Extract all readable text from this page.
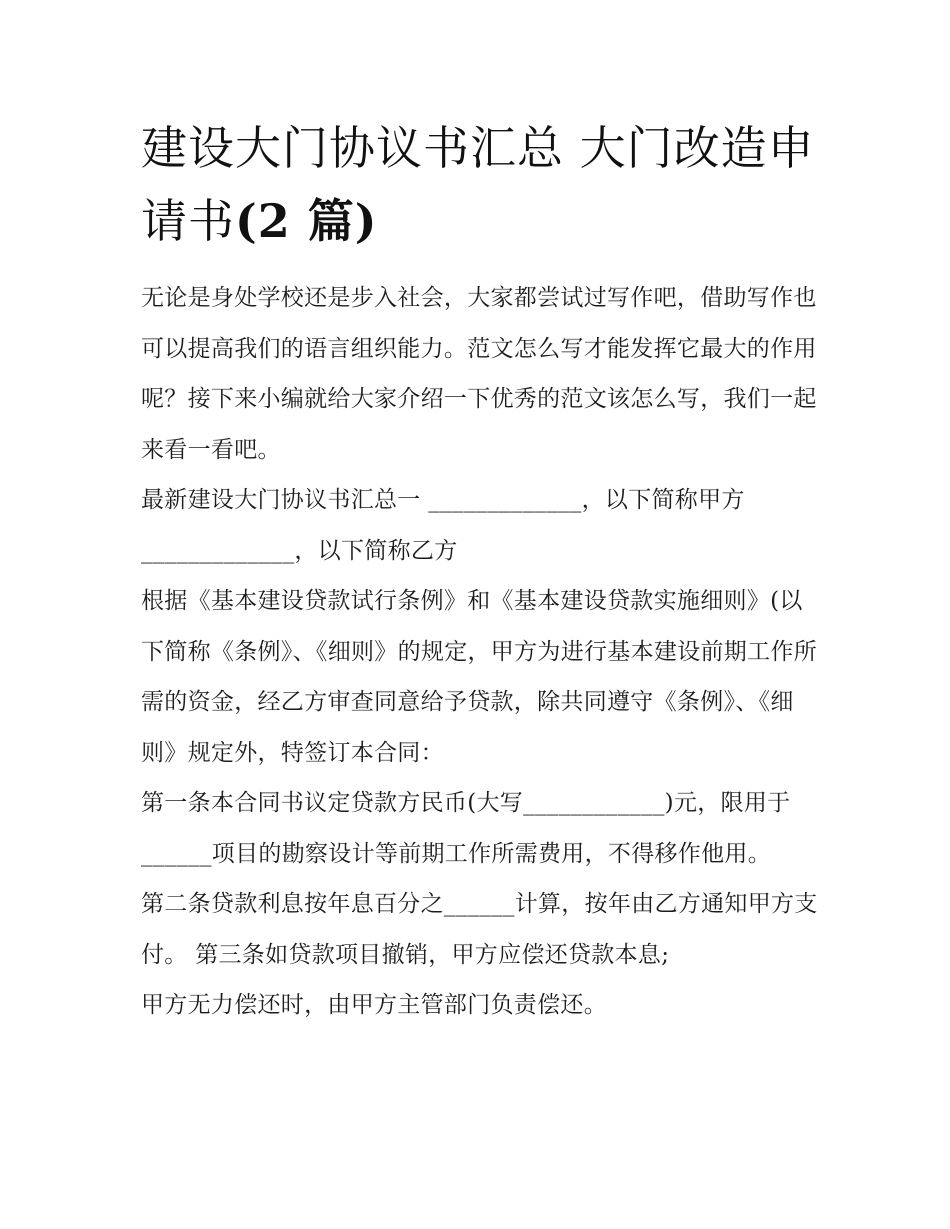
建设大门协议书汇总 大门改造申请书(2 篇)

无论是身处学校还是步入社会，大家都尝试过写作吧，借助写作也可以提高我们的语言组织能力。范文怎么写才能发挥它最大的作用呢？接下来小编就给大家介绍一下优秀的范文该怎么写，我们一起来看一看吧。

最新建设大门协议书汇总一 _____________，以下简称甲方_____________，以下简称乙方

根据《基本建设贷款试行条例》和《基本建设贷款实施细则》(以下简称《条例》、《细则》的规定，甲方为进行基本建设前期工作所需的资金，经乙方审查同意给予贷款，除共同遵守《条例》、《细则》规定外，特签订本合同：

第一条本合同书议定贷款方民币(大写____________)元，限用于______项目的勘察设计等前期工作所需费用，不得移作他用。

第二条贷款利息按年息百分之______计算，按年由乙方通知甲方支付。 第三条如贷款项目撤销，甲方应偿还贷款本息;

甲方无力偿还时，由甲方主管部门负责偿还。
